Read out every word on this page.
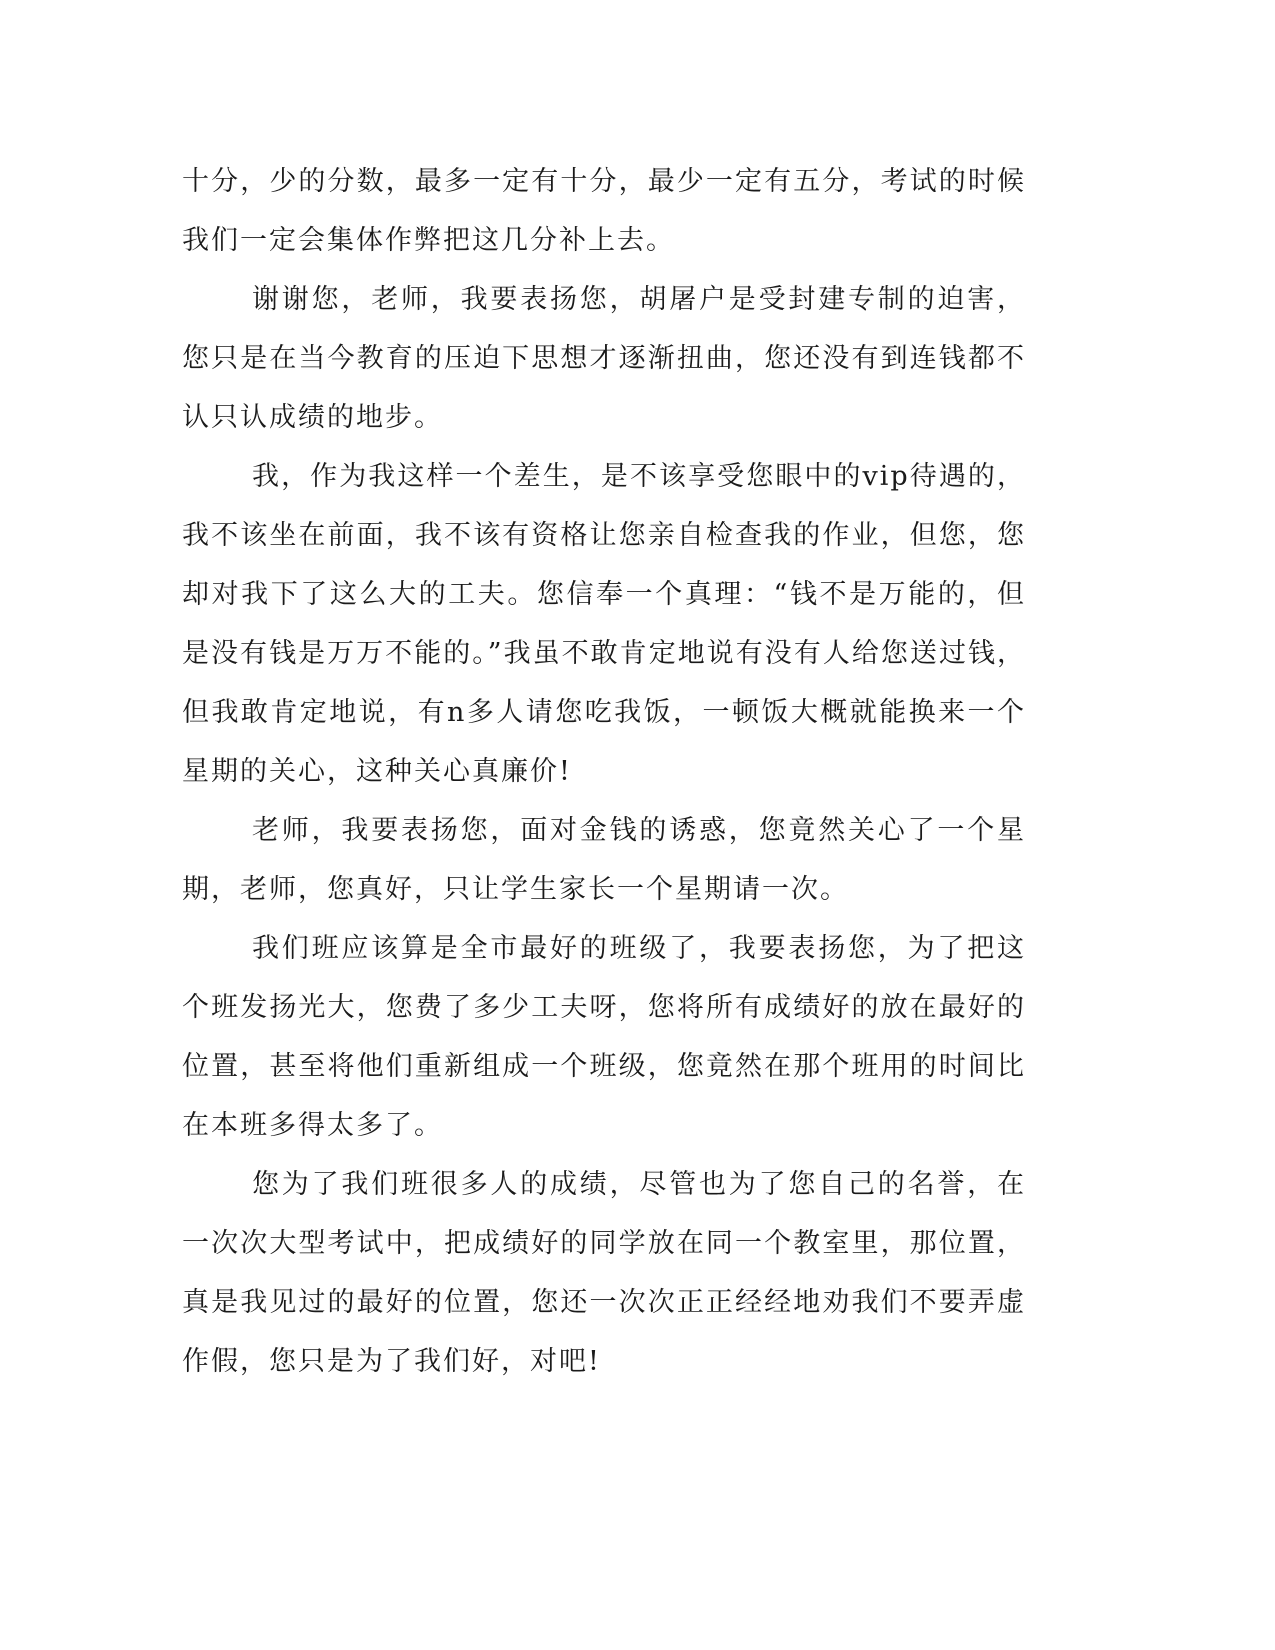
十分，少的分数，最多一定有十分，最少一定有五分，考试的时候我们一定会集体作弊把这几分补上去。

谢谢您，老师，我要表扬您，胡屠户是受封建专制的迫害，您只是在当今教育的压迫下思想才逐渐扭曲，您还没有到连钱都不认只认成绩的地步。

我，作为我这样一个差生，是不该享受您眼中的vip待遇的，我不该坐在前面，我不该有资格让您亲自检查我的作业，但您，您却对我下了这么大的工夫。您信奉一个真理：“钱不是万能的，但是没有钱是万万不能的。”我虽不敢肯定地说有没有人给您送过钱，但我敢肯定地说，有n多人请您吃我饭，一顿饭大概就能换来一个星期的关心，这种关心真廉价!

老师，我要表扬您，面对金钱的诱惑，您竟然关心了一个星期，老师，您真好，只让学生家长一个星期请一次。

我们班应该算是全市最好的班级了，我要表扬您，为了把这个班发扬光大，您费了多少工夫呀，您将所有成绩好的放在最好的位置，甚至将他们重新组成一个班级，您竟然在那个班用的时间比在本班多得太多了。

您为了我们班很多人的成绩，尽管也为了您自己的名誉，在一次次大型考试中，把成绩好的同学放在同一个教室里，那位置，真是我见过的最好的位置，您还一次次正正经经地劝我们不要弄虚作假，您只是为了我们好，对吧!
